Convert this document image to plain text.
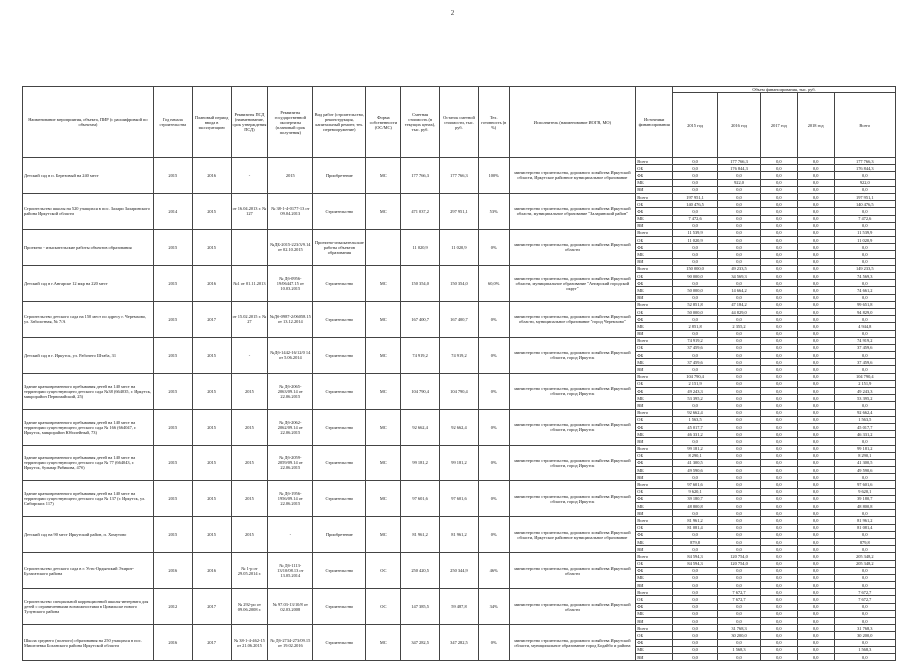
2
Наименование мероприятия, объекта, ПИР (с расшифровкой по объектам)	Год начала строительства	Плановый период ввода в эксплуатацию	Реквизиты ПСД (наименование, срок утверждения ПСД)	Реквизиты государственной экспертизы (плановый срок получения)	Вид работ (строительство, реконструкция, капитальный ремонт, тех. перевооружение)	Форма собственности (ОС/МС)	Сметная стоимость (в текущих ценах), тыс. руб.	Остаток сметной стоимости, тыс. руб.	Тех. готовность (в %)	Исполнитель (наименование ИОГВ, МО)	Источники финансирования	Объем финансирования, тыс. руб.				
												2015 год	2016 год	2017 год	2018 год	Всего
Детский сад в п. Березовый на 240 мест	2015	2016	-	2015	Приобретение	МС	177 766,3	177 766,3	100%	министерство строительства, дорожного хозяйства Иркутской области, Иркутское районное муниципальное образование	Всего	0,0	177 766,3	0,0	0,0	177 766,3
											ОБ	0,0	176 844,3	0,0	0,0	176 844,3
											ФБ	0,0	0,0	0,0	0,0	0,0
											МБ	0,0	922,0	0,0	0,0	922,0
											ВИ	0,0	0,0	0,0	0,0	0,0
Строительство школы на 520 учащихся в пос. Залари Заларинского района Иркутской области	2014	2015	от 16.04.2013 г. № 127	№ 38-1-4-0177-13 от 09.04.2013	Строительство	МС	471 037,2	297 951,1	53%	министерство строительства, дорожного хозяйства Иркутской области, муниципальное образование "Заларинский район"	Всего	197 951,1	0,0	0,0	0,0	197 951,1
											ОБ	140 476,5	0,0	0,0	0,0	140 476,5
											ФБ	0,0	0,0	0,0	0,0	0,0
											МБ	7 472,6	0,0	0,0	0,0	7 472,6
											ВИ	0,0	0,0	0,0	0,0	0,0
Проектно - изыскательские работы объектов образования	2015	2015		№ДБ-2015-223/3/9.14 от 02.10.2015	Проектно-изыскательские работы объектов образования		11 020,9	11 020,9	0%	министерство строительства, дорожного хозяйства Иркутской области	Всего	11 539,9	0,0	0,0	0,0	11 539,9
											ОБ	11 020,9	0,0	0,0	0,0	11 020,9
											ФБ	0,0	0,0	0,0	0,0	0,0
											МБ	0,0	0,0	0,0	0,0	0,0
											ВИ	0,0	0,0	0,0	0,0	0,0
Детский сад в г.Ангарске 12 мкр на 220 мест	2015	2016	№1 от 01.11.2013	№ Дб-0956-19/06447.15 от 10.03.2015	Строительство	МС	150 354,0	150 354,0	60,0%	министерство строительства, дорожного хозяйства Иркутской области, муниципальное образование "Ангарский городской округ"	Всего	150 000,0	49 233,5	0,0	0,0	149 233,5
											ОБ	90 000,0	34 569,3	0,0	0,0	74 569,3
											ФБ	0,0	0,0	0,0	0,0	0,0
											МБ	50 000,0	14 664,2	0,0	0,0	74 661,2
											ВИ	0,0	0,0	0,0	0,0	0,0
Строительство детского сада на 150 мест по адресу г. Черемхово, ул. Заболотная, № 7/А	2015	2017	от 15.02.2015 г. № 27	№Дб-0987-2/06058.15 от 13.12.2014	Строительство	МС	167 400,7	167 400,7	0%	министерство строительства, дорожного хозяйства Иркутской области, муниципальное образование "город Черемхово"	Всего	52 851,8	47 184,2	0,0	0,0	99 651,8
											ОБ	50 000,0	44 829,0	0,0	0,0	94 829,0
											ФБ	0,0	0,0	0,0	0,0	0,0
											МБ	2 851,8	2 355,2	0,0	0,0	4 944,8
											ВИ	0,0	0,0	0,0	0,0	0,0
Детский сад в г. Иркутск, ул. Рабочего Штаба, 31	2015	2015	-	№Дб-1442-16/12/0 14 от 5.06.2014	Строительство	МС	74 919,2	74 919,2	0%	министерство строительства, дорожного хозяйства Иркутской области, город Иркутск	Всего	74 919,2	0,0	0,0	0,0	74 919,2
											ОБ	37 459,6	0,0	0,0	0,0	37 459,6
											ФБ	0,0	0,0	0,0	0,0	0,0
											МБ	37 459,6	0,0	0,0	0,0	37 459,6
											ВИ	0,0	0,0	0,0	0,0	0,0
Здание кратковременного пребывания детей на 140 мест на территории существующего детского сада №38 (664035, г. Иркутск, микрорайон Первомайский, 25)	2015	2015	2015	№ Дб-2065-2063/09.14 от 22.06.2015	Строительство	МС	104 790,4	104 790,4	0%	министерство строительства, дорожного хозяйства Иркутской области, город Иркутск	Всего	104 790,4	0,0	0,0	0,0	104 790,4
											ОБ	2 151,9	0,0	0,0	0,0	2 151,9
											ФБ	49 243,3	0,0	0,0	0,0	49 243,3
											МБ	53 395,2	0,0	0,0	0,0	53 395,2
											ВИ	0,0	0,0	0,0	0,0	0,0
Здание кратковременного пребывания детей на 140 мест на территории существующего детского сада № 166 (664047, г. Иркутск, микрорайон Юбилейный, 73)	2015	2015	2015	№ Дб-2062-2062/09.14 от 22.06.2015	Строительство	МС	92 662,4	92 662,4	0%	министерство строительства, дорожного хозяйства Иркутской области, город Иркутск	Всего	92 662,4	0,0	0,0	0,0	92 662,4
											ОБ	1 563,5	0,0	0,0	0,0	1 563,5
											ФБ	45 017,7	0,0	0,0	0,0	45 017,7
											МБ	46 331,2	0,0	0,0	0,0	46 331,2
											ВИ	0,0	0,0	0,0	0,0	0,0
Здание кратковременного пребывания детей на 140 мест на территории существующего детского сада № 77 (664043, г. Иркутск, бульвар Рябикова, 47б)	2015	2015	2015	№ Дб-2059-2059/09.14 от 22.06.2015	Строительство	МС	99 181,2	99 181,2	0%	министерство строительства, дорожного хозяйства Иркутской области, город Иркутск	Всего	99 181,2	0,0	0,0	0,0	99 181,2
											ОБ	8 290,1	0,0	0,0	0,0	8 290,1
											ФБ	41 300,5	0,0	0,0	0,0	41 300,5
											МБ	49 590,6	0,0	0,0	0,0	49 590,6
											ВИ	0,0	0,0	0,0	0,0	0,0
Здание кратковременного пребывания детей на 140 мест на территории существующего детского сада № 137 (г. Иркутск, ул. Сибирских 117)	2015	2015	2015	№ Дб-1956-1956/09.14 от 22.06.2015	Строительство	МС	97 601,6	97 601,6	0%	министерство строительства, дорожного хозяйства Иркутской области, город Иркутск	Всего	97 601,6	0,0	0,0	0,0	97 601,6
											ОБ	9 620,1	0,0	0,0	0,0	9 620,1
											ФБ	39 180,7	0,0	0,0	0,0	39 180,7
											МБ	48 800,8	0,0	0,0	0,0	48 800,8
											ВИ	0,0	0,0	0,0	0,0	0,0
Детский сад на 90 мест Иркутский район, п. Хомутово	2015	2015	2015	-	Приобретение	МС	81 961,2	81 961,2	0%	министерство строительства, дорожного хозяйства Иркутской области, Иркутское районное муниципальное образование	Всего	81 961,2	0,0	0,0	0,0	81 961,2
											ОБ	81 081,4	0,0	0,0	0,0	81 081,4
											ФБ	0,0	0,0	0,0	0,0	0,0
											МБ	879,8	0,0	0,0	0,0	879,8
											ВИ	0,0	0,0	0,0	0,0	0,0
Строительство детского сада в г. Усть-Ордынский Эхирит-Булагатского района	2016	2016	№ 1-р от 29.05.2014 г.	№ Дб-1113-13/10/08.13 от 13.05.2014	Строительство	ОС	250 420,5	250 344,9	46%	министерство строительства, дорожного хозяйства Иркутской области	Всего	84 594,3	120 754,0	0,0	0,0	205 348,2
											ОБ	84 594,3	120 754,0	0,0	0,0	205 348,2
											ФБ	0,0	0,0	0,0	0,0	0,0
											МБ	0,0	0,0	0,0	0,0	0,0
											ВИ	0,0	0,0	0,0	0,0	0,0
Строительство специальной коррекционной школы-интерната для детей с ограниченными возможностями в Цивильске нового Тулунского района	2012	2017	№ 292-ро от 09.06.2008 г.	№ 97.03-13/10/8 от 02.03.2008	Строительство	ОС	147 385,5	59 487,8	34%	министерство строительства, дорожного хозяйства Иркутской области	Всего	0,0	7 672,7	0,0	0,0	7 672,7
											ОБ	0,0	7 672,7	0,0	0,0	7 672,7
											ФБ	0,0	0,0	0,0	0,0	0,0
											МБ	0,0	0,0	0,0	0,0	0,0
											ВИ	0,0	0,0	0,0	0,0	0,0
Школа среднего (полного) образования на 250 учащихся в пос. Мишелевка Боханского района Иркутской области	2016	2017	№ 38-1-4-462-15 от 21.06.2015	№ Дб-2734-273/09.15 от 19.02.2016	Строительство	МС	347 282,5	347 282,5	0%	министерство строительства, дорожного хозяйства Иркутской области, муниципальное образование город Бодайбо и района	Всего	0,0	31 768,3	0,0	0,0	31 768,3
											ОБ	0,0	30 200,0	0,0	0,0	30 200,0
											ФБ	0,0	0,0	0,0	0,0	0,0
											МБ	0,0	1 568,3	0,0	0,0	1 568,3
											ВИ	0,0	0,0	0,0	0,0	0,0
